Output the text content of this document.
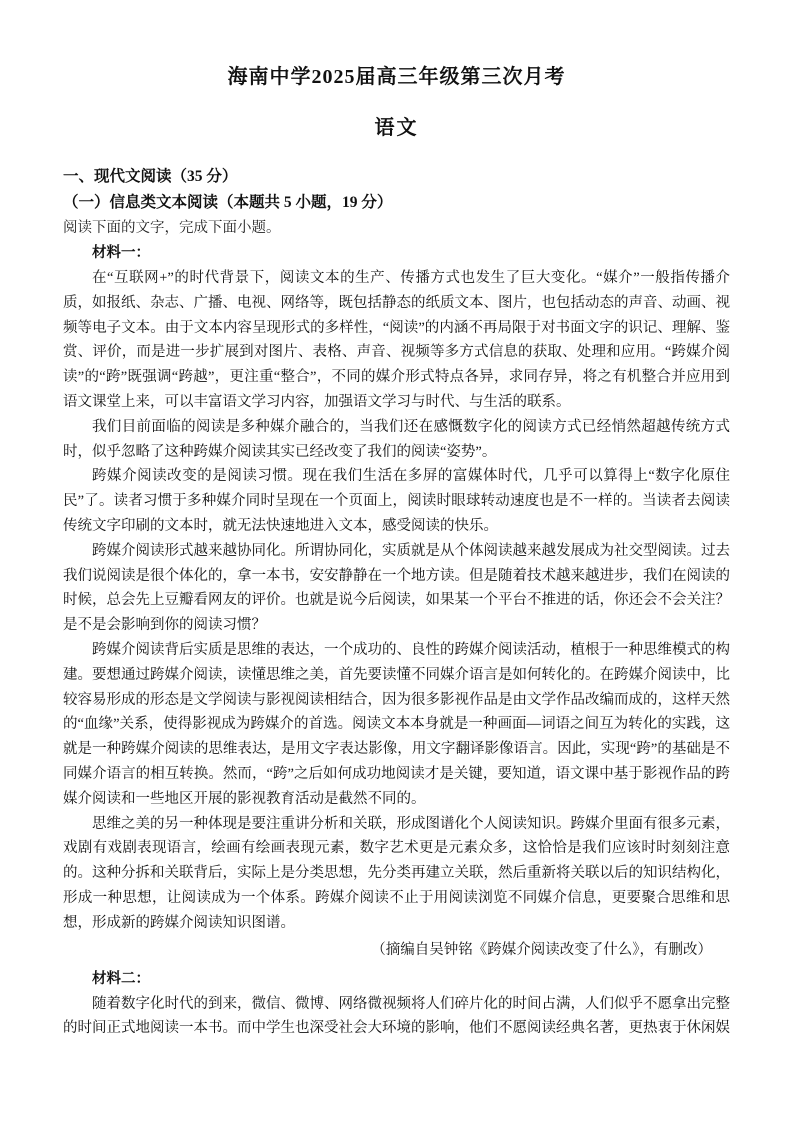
海南中学2025届高三年级第三次月考
语文
一、现代文阅读（35 分）
（一）信息类文本阅读（本题共 5 小题，19 分）
阅读下面的文字，完成下面小题。
材料一：

在“互联网+”的时代背景下，阅读文本的生产、传播方式也发生了巨大变化。“媒介”一般指传播介质，如报纸、杂志、广播、电视、网络等，既包括静态的纸质文本、图片，也包括动态的声音、动画、视频等电子文本。由于文本内容呈现形式的多样性，“阅读”的内涵不再局限于对书面文字的识记、理解、鉴赏、评价，而是进一步扩展到对图片、表格、声音、视频等多方式信息的获取、处理和应用。“跨媒介阅读”的“跨”既强调“跨越”，更注重“整合”，不同的媒介形式特点各异，求同存异，将之有机整合并应用到语文课堂上来，可以丰富语文学习内容，加强语文学习与时代、与生活的联系。

我们目前面临的阅读是多种媒介融合的，当我们还在感慨数字化的阅读方式已经悄然超越传统方式时，似乎忽略了这种跨媒介阅读其实已经改变了我们的阅读“姿势”。

跨媒介阅读改变的是阅读习惯。现在我们生活在多屏的富媒体时代，几乎可以算得上“数字化原住民”了。读者习惯于多种媒介同时呈现在一个页面上，阅读时眼球转动速度也是不一样的。当读者去阅读传统文字印刷的文本时，就无法快速地进入文本，感受阅读的快乐。

跨媒介阅读形式越来越协同化。所谓协同化，实质就是从个体阅读越来越发展成为社交型阅读。过去我们说阅读是很个体化的，拿一本书，安安静静在一个地方读。但是随着技术越来越进步，我们在阅读的时候，总会先上豆瓣看网友的评价。也就是说今后阅读，如果某一个平台不推进的话，你还会不会关注？是不是会影响到你的阅读习惯？

跨媒介阅读背后实质是思维的表达，一个成功的、良性的跨媒介阅读活动，植根于一种思维模式的构建。要想通过跨媒介阅读，读懂思维之美，首先要读懂不同媒介语言是如何转化的。在跨媒介阅读中，比较容易形成的形态是文学阅读与影视阅读相结合，因为很多影视作品是由文学作品改编而成的，这样天然的“血缘”关系，使得影视成为跨媒介的首选。阅读文本本身就是一种画面—词语之间互为转化的实践，这就是一种跨媒介阅读的思维表达，是用文字表达影像，用文字翻译影像语言。因此，实现“跨”的基础是不同媒介语言的相互转换。然而，“跨”之后如何成功地阅读才是关键，要知道，语文课中基于影视作品的跨媒介阅读和一些地区开展的影视教育活动是截然不同的。

思维之美的另一种体现是要注重讲分析和关联，形成图谱化个人阅读知识。跨媒介里面有很多元素，戏剧有戏剧表现语言，绘画有绘画表现元素，数字艺术更是元素众多，这恰恰是我们应该时时刻刻注意的。这种分拆和关联背后，实际上是分类思想，先分类再建立关联，然后重新将关联以后的知识结构化，形成一种思想，让阅读成为一个体系。跨媒介阅读不止于用阅读浏览不同媒介信息，更要聚合思维和思想，形成新的跨媒介阅读知识图谱。

（摘编自吴钟铭《跨媒介阅读改变了什么》，有删改）
材料二：

随着数字化时代的到来，微信、微博、网络微视频将人们碎片化的时间占满，人们似乎不愿拿出完整的时间正式地阅读一本书。而中学生也深受社会大环境的影响，他们不愿阅读经典名著，更热衷于休闲娱
